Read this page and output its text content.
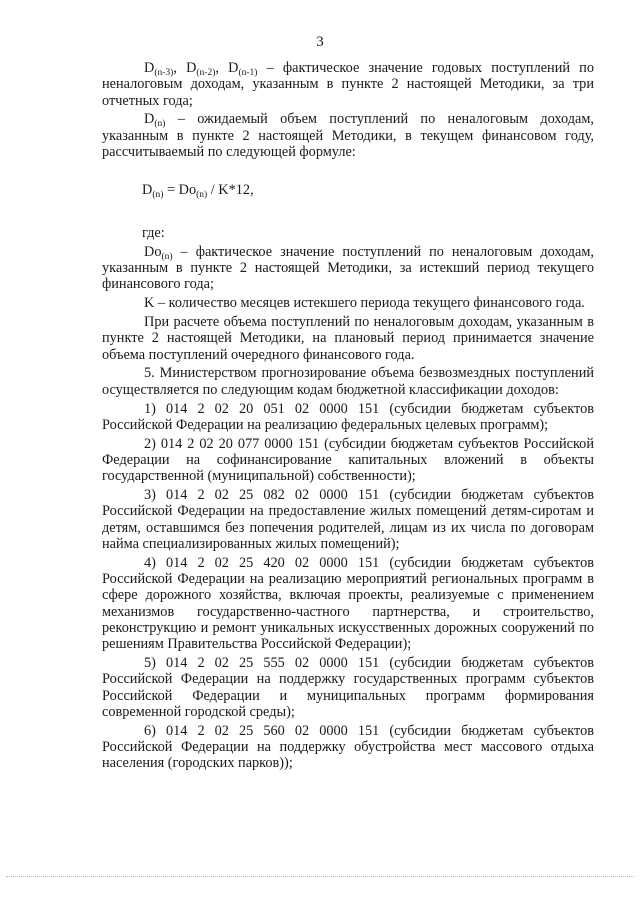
3

$D_{(n-3)}$, $D_{(n-2)}$, $D_{(n-1)}$ – фактическое значение годовых поступлений по неналоговым доходам, указанным в пункте 2 настоящей Методики, за три отчетных года;

$D_{(n)}$ – ожидаемый объем поступлений по неналоговым доходам, указанным в пункте 2 настоящей Методики, в текущем финансовом году, рассчитываемый по следующей формуле:

$D_{(n)} = Do_{(n)} / K*12$,

где:

$Do_{(n)}$ – фактическое значение поступлений по неналоговым доходам, указанным в пункте 2 настоящей Методики, за истекший период текущего финансового года;

K – количество месяцев истекшего периода текущего финансового года.

При расчете объема поступлений по неналоговым доходам, указанным в пункте 2 настоящей Методики, на плановый период принимается значение объема поступлений очередного финансового года.

5. Министерством прогнозирование объема безвозмездных поступлений осуществляется по следующим кодам бюджетной классификации доходов:

1) 014 2 02 20 051 02 0000 151 (субсидии бюджетам субъектов Российской Федерации на реализацию федеральных целевых программ);

2) 014 2 02 20 077 0000 151 (субсидии бюджетам субъектов Российской Федерации на софинансирование капитальных вложений в объекты государственной (муниципальной) собственности);

3) 014 2 02 25 082 02 0000 151 (субсидии бюджетам субъектов Российской Федерации на предоставление жилых помещений детям-сиротам и детям, оставшимся без попечения родителей, лицам из их числа по договорам найма специализированных жилых помещений);

4) 014 2 02 25 420 02 0000 151 (субсидии бюджетам субъектов Российской Федерации на реализацию мероприятий региональных программ в сфере дорожного хозяйства, включая проекты, реализуемые с применением механизмов государственно-частного партнерства, и строительство, реконструкцию и ремонт уникальных искусственных дорожных сооружений по решениям Правительства Российской Федерации);

5) 014 2 02 25 555 02 0000 151 (субсидии бюджетам субъектов Российской Федерации на поддержку государственных программ субъектов Российской Федерации и муниципальных программ формирования современной городской среды);

6) 014 2 02 25 560 02 0000 151 (субсидии бюджетам субъектов Российской Федерации на поддержку обустройства мест массового отдыха населения (городских парков));
